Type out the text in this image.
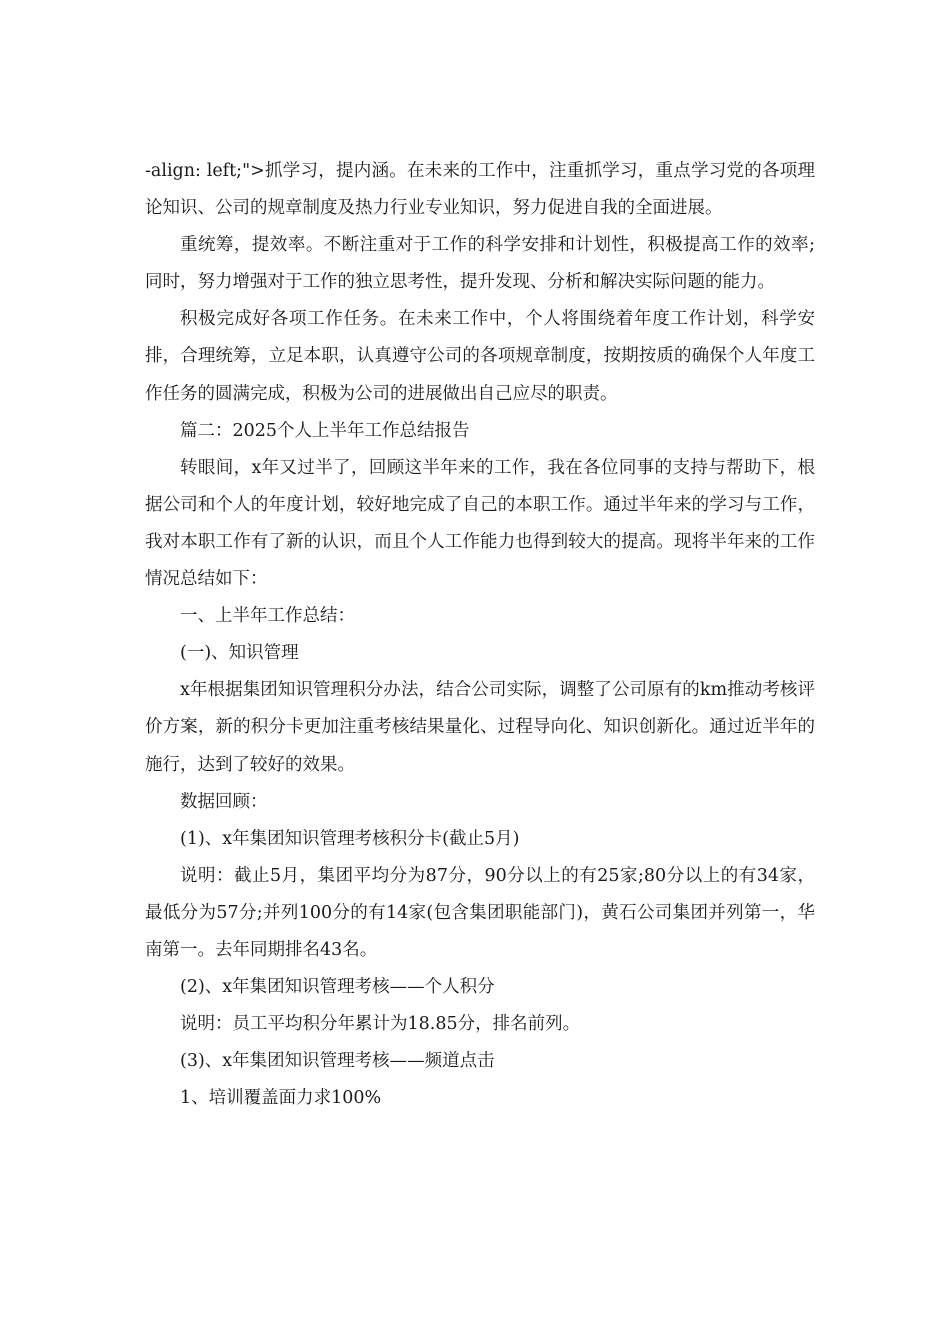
-align: left;">抓学习，提内涵。在未来的工作中，注重抓学习，重点学习党的各项理论知识、公司的规章制度及热力行业专业知识，努力促进自我的全面进展。

重统筹，提效率。不断注重对于工作的科学安排和计划性，积极提高工作的效率;同时，努力增强对于工作的独立思考性，提升发现、分析和解决实际问题的能力。

积极完成好各项工作任务。在未来工作中，个人将围绕着年度工作计划，科学安排，合理统筹，立足本职，认真遵守公司的各项规章制度，按期按质的确保个人年度工作任务的圆满完成，积极为公司的进展做出自己应尽的职责。

篇二：2025个人上半年工作总结报告

转眼间，x年又过半了，回顾这半年来的工作，我在各位同事的支持与帮助下，根据公司和个人的年度计划，较好地完成了自己的本职工作。通过半年来的学习与工作，我对本职工作有了新的认识，而且个人工作能力也得到较大的提高。现将半年来的工作情况总结如下：

一、上半年工作总结：

(一)、知识管理

x年根据集团知识管理积分办法，结合公司实际，调整了公司原有的km推动考核评价方案，新的积分卡更加注重考核结果量化、过程导向化、知识创新化。通过近半年的施行，达到了较好的效果。

数据回顾：

(1)、x年集团知识管理考核积分卡(截止5月)

说明：截止5月，集团平均分为87分，90分以上的有25家;80分以上的有34家，最低分为57分;并列100分的有14家(包含集团职能部门)，黄石公司集团并列第一，华南第一。去年同期排名43名。

(2)、x年集团知识管理考核——个人积分

说明：员工平均积分年累计为18.85分，排名前列。

(3)、x年集团知识管理考核——频道点击

1、培训覆盖面力求100%
